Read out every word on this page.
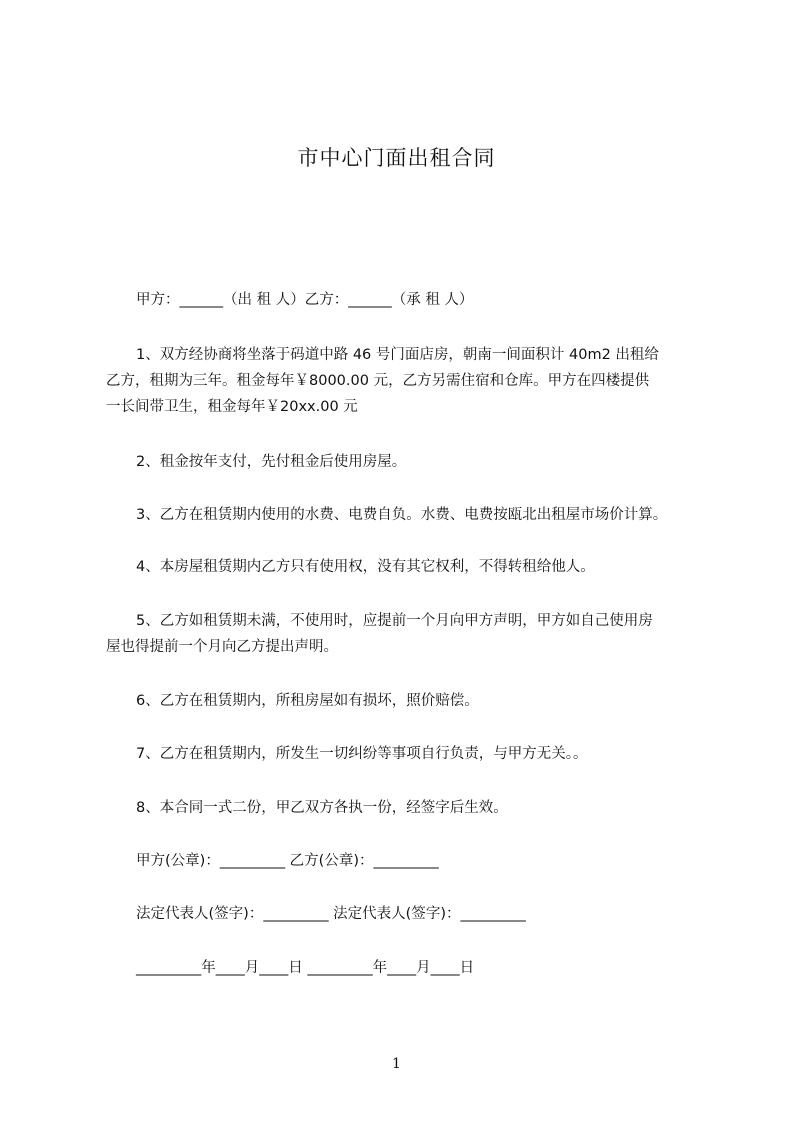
市中心门面出租合同
甲方：______（出 租 人）乙方：______（承 租 人）
1、双方经协商将坐落于码道中路 46 号门面店房，朝南一间面积计 40m2 出租给
乙方，租期为三年。租金每年￥8000.00 元，乙方另需住宿和仓库。甲方在四楼提供
一长间带卫生，租金每年￥20xx.00 元
2、租金按年支付，先付租金后使用房屋。
3、乙方在租赁期内使用的水费、电费自负。水费、电费按瓯北出租屋市场价计算。
4、本房屋租赁期内乙方只有使用权，没有其它权利，不得转租给他人。
5、乙方如租赁期未满，不使用时，应提前一个月向甲方声明，甲方如自己使用房
屋也得提前一个月向乙方提出声明。
6、乙方在租赁期内，所租房屋如有损坏，照价赔偿。
7、乙方在租赁期内，所发生一切纠纷等事项自行负责，与甲方无关。。
8、本合同一式二份，甲乙双方各执一份，经签字后生效。
甲方(公章)：_________ 乙方(公章)：_________
法定代表人(签字)：_________ 法定代表人(签字)：_________
_________年____月____日 _________年____月____日
1
